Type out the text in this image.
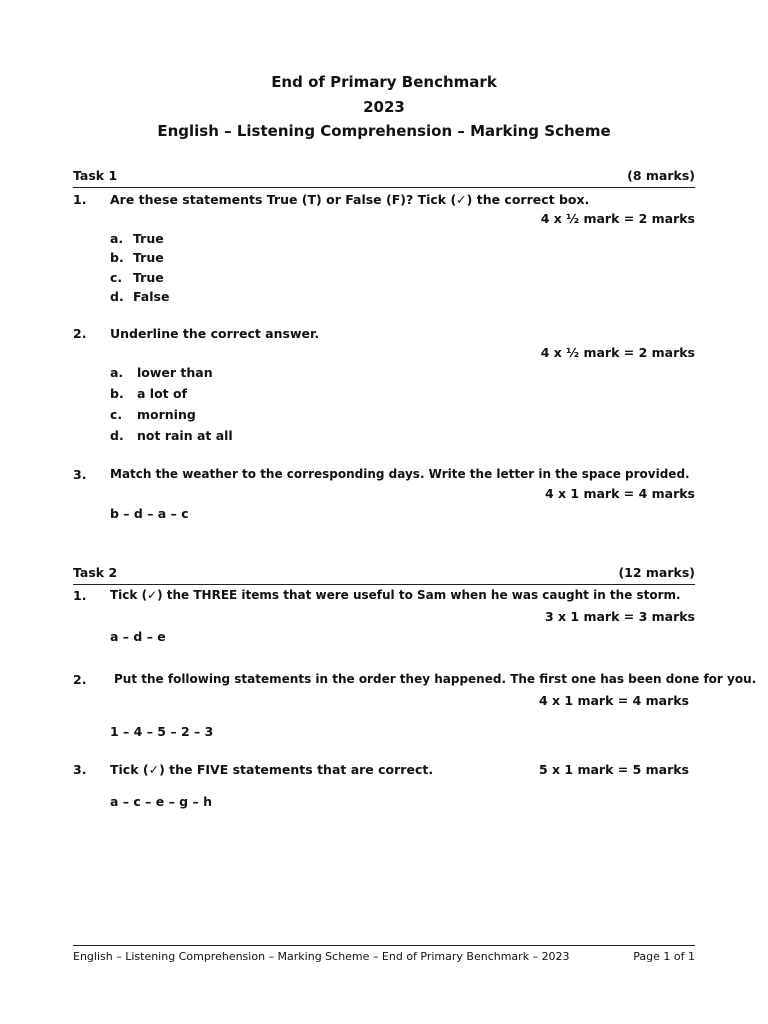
End of Primary Benchmark
2023
English – Listening Comprehension – Marking Scheme
Task 1	(8 marks)
1. Are these statements True (T) or False (F)? Tick (✓) the correct box.
4 x ½ mark = 2 marks
a. True
b. True
c. True
d. False
2. Underline the correct answer.
4 x ½ mark = 2 marks
a. lower than
b. a lot of
c. morning
d. not rain at all
3. Match the weather to the corresponding days. Write the letter in the space provided.
4 x 1 mark = 4 marks
b – d – a – c
Task 2	(12 marks)
1. Tick (✓) the THREE items that were useful to Sam when he was caught in the storm.
3 x 1 mark = 3 marks
a – d – e
2. Put the following statements in the order they happened. The first one has been done for you.
4 x 1 mark = 4 marks
1 – 4 – 5 – 2 – 3
3. Tick (✓) the FIVE statements that are correct.	5 x 1 mark = 5 marks
a – c – e – g – h
English – Listening Comprehension – Marking Scheme – End of Primary Benchmark – 2023	Page 1 of 1
